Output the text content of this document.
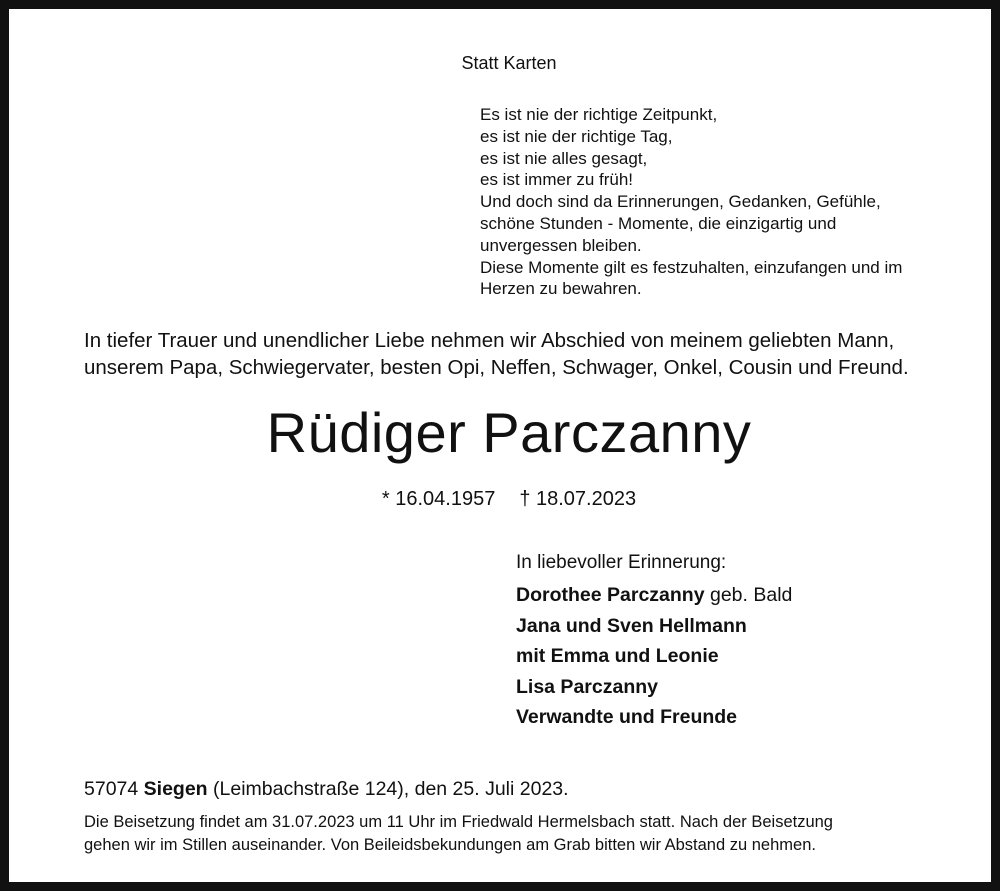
Statt Karten
Es ist nie der richtige Zeitpunkt,
es ist nie der richtige Tag,
es ist nie alles gesagt,
es ist immer zu früh!
Und doch sind da Erinnerungen, Gedanken, Gefühle,
schöne Stunden - Momente, die einzigartig und
unvergessen bleiben.
Diese Momente gilt es festzuhalten, einzufangen und im
Herzen zu bewahren.
In tiefer Trauer und unendlicher Liebe nehmen wir Abschied von meinem geliebten Mann,
unserem Papa, Schwiegervater, besten Opi, Neffen, Schwager, Onkel, Cousin und Freund.
Rüdiger Parczanny
* 16.04.1957 † 18.07.2023
In liebevoller Erinnerung:
Dorothee Parczanny geb. Bald
Jana und Sven Hellmann
mit Emma und Leonie
Lisa Parczanny
Verwandte und Freunde
57074 Siegen (Leimbachstraße 124), den 25. Juli 2023.
Die Beisetzung findet am 31.07.2023 um 11 Uhr im Friedwald Hermelsbach statt. Nach der Beisetzung
gehen wir im Stillen auseinander. Von Beileidsbekundungen am Grab bitten wir Abstand zu nehmen.
